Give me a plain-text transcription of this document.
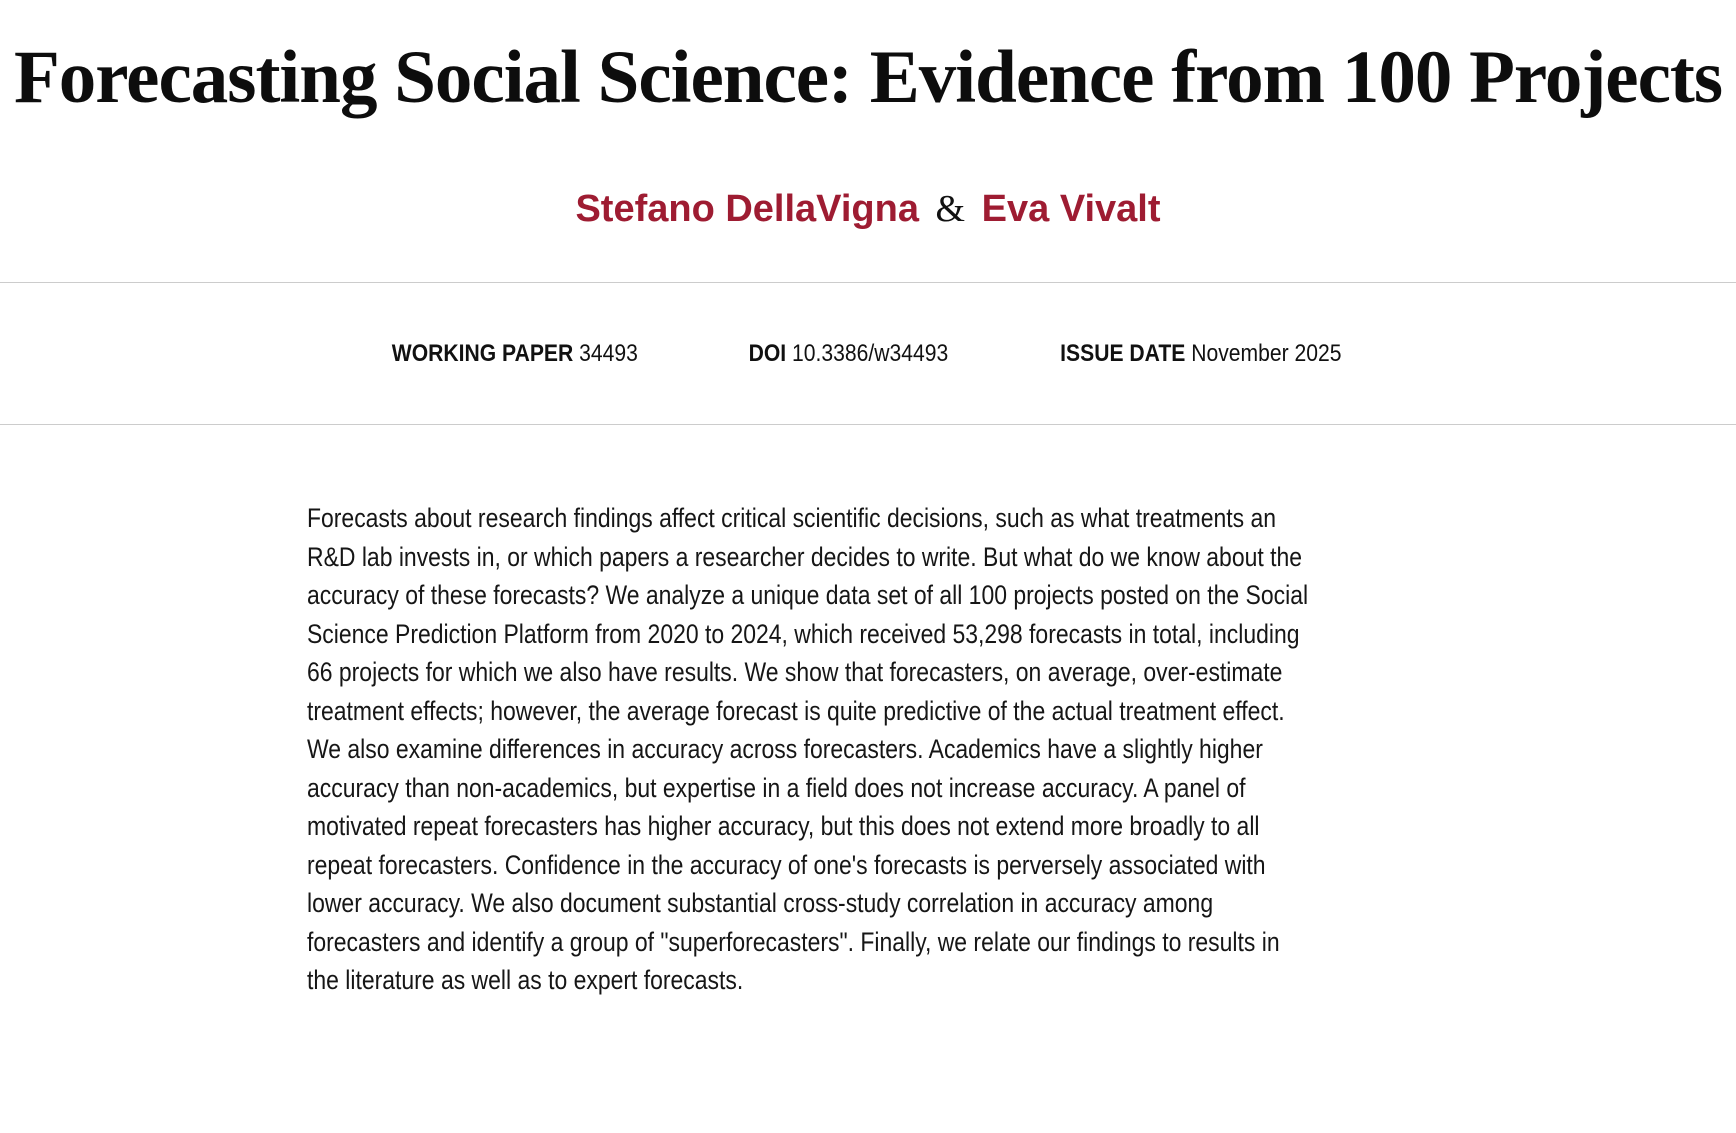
Forecasting Social Science: Evidence from 100 Projects
Stefano DellaVigna & Eva Vivalt
WORKING PAPER 34493	DOI 10.3386/w34493	ISSUE DATE November 2025
Forecasts about research findings affect critical scientific decisions, such as what treatments an
R&D lab invests in, or which papers a researcher decides to write. But what do we know about the
accuracy of these forecasts? We analyze a unique data set of all 100 projects posted on the Social
Science Prediction Platform from 2020 to 2024, which received 53,298 forecasts in total, including
66 projects for which we also have results. We show that forecasters, on average, over-estimate
treatment effects; however, the average forecast is quite predictive of the actual treatment effect.
We also examine differences in accuracy across forecasters. Academics have a slightly higher
accuracy than non-academics, but expertise in a field does not increase accuracy. A panel of
motivated repeat forecasters has higher accuracy, but this does not extend more broadly to all
repeat forecasters. Confidence in the accuracy of one's forecasts is perversely associated with
lower accuracy. We also document substantial cross-study correlation in accuracy among
forecasters and identify a group of "superforecasters". Finally, we relate our findings to results in
the literature as well as to expert forecasts.
